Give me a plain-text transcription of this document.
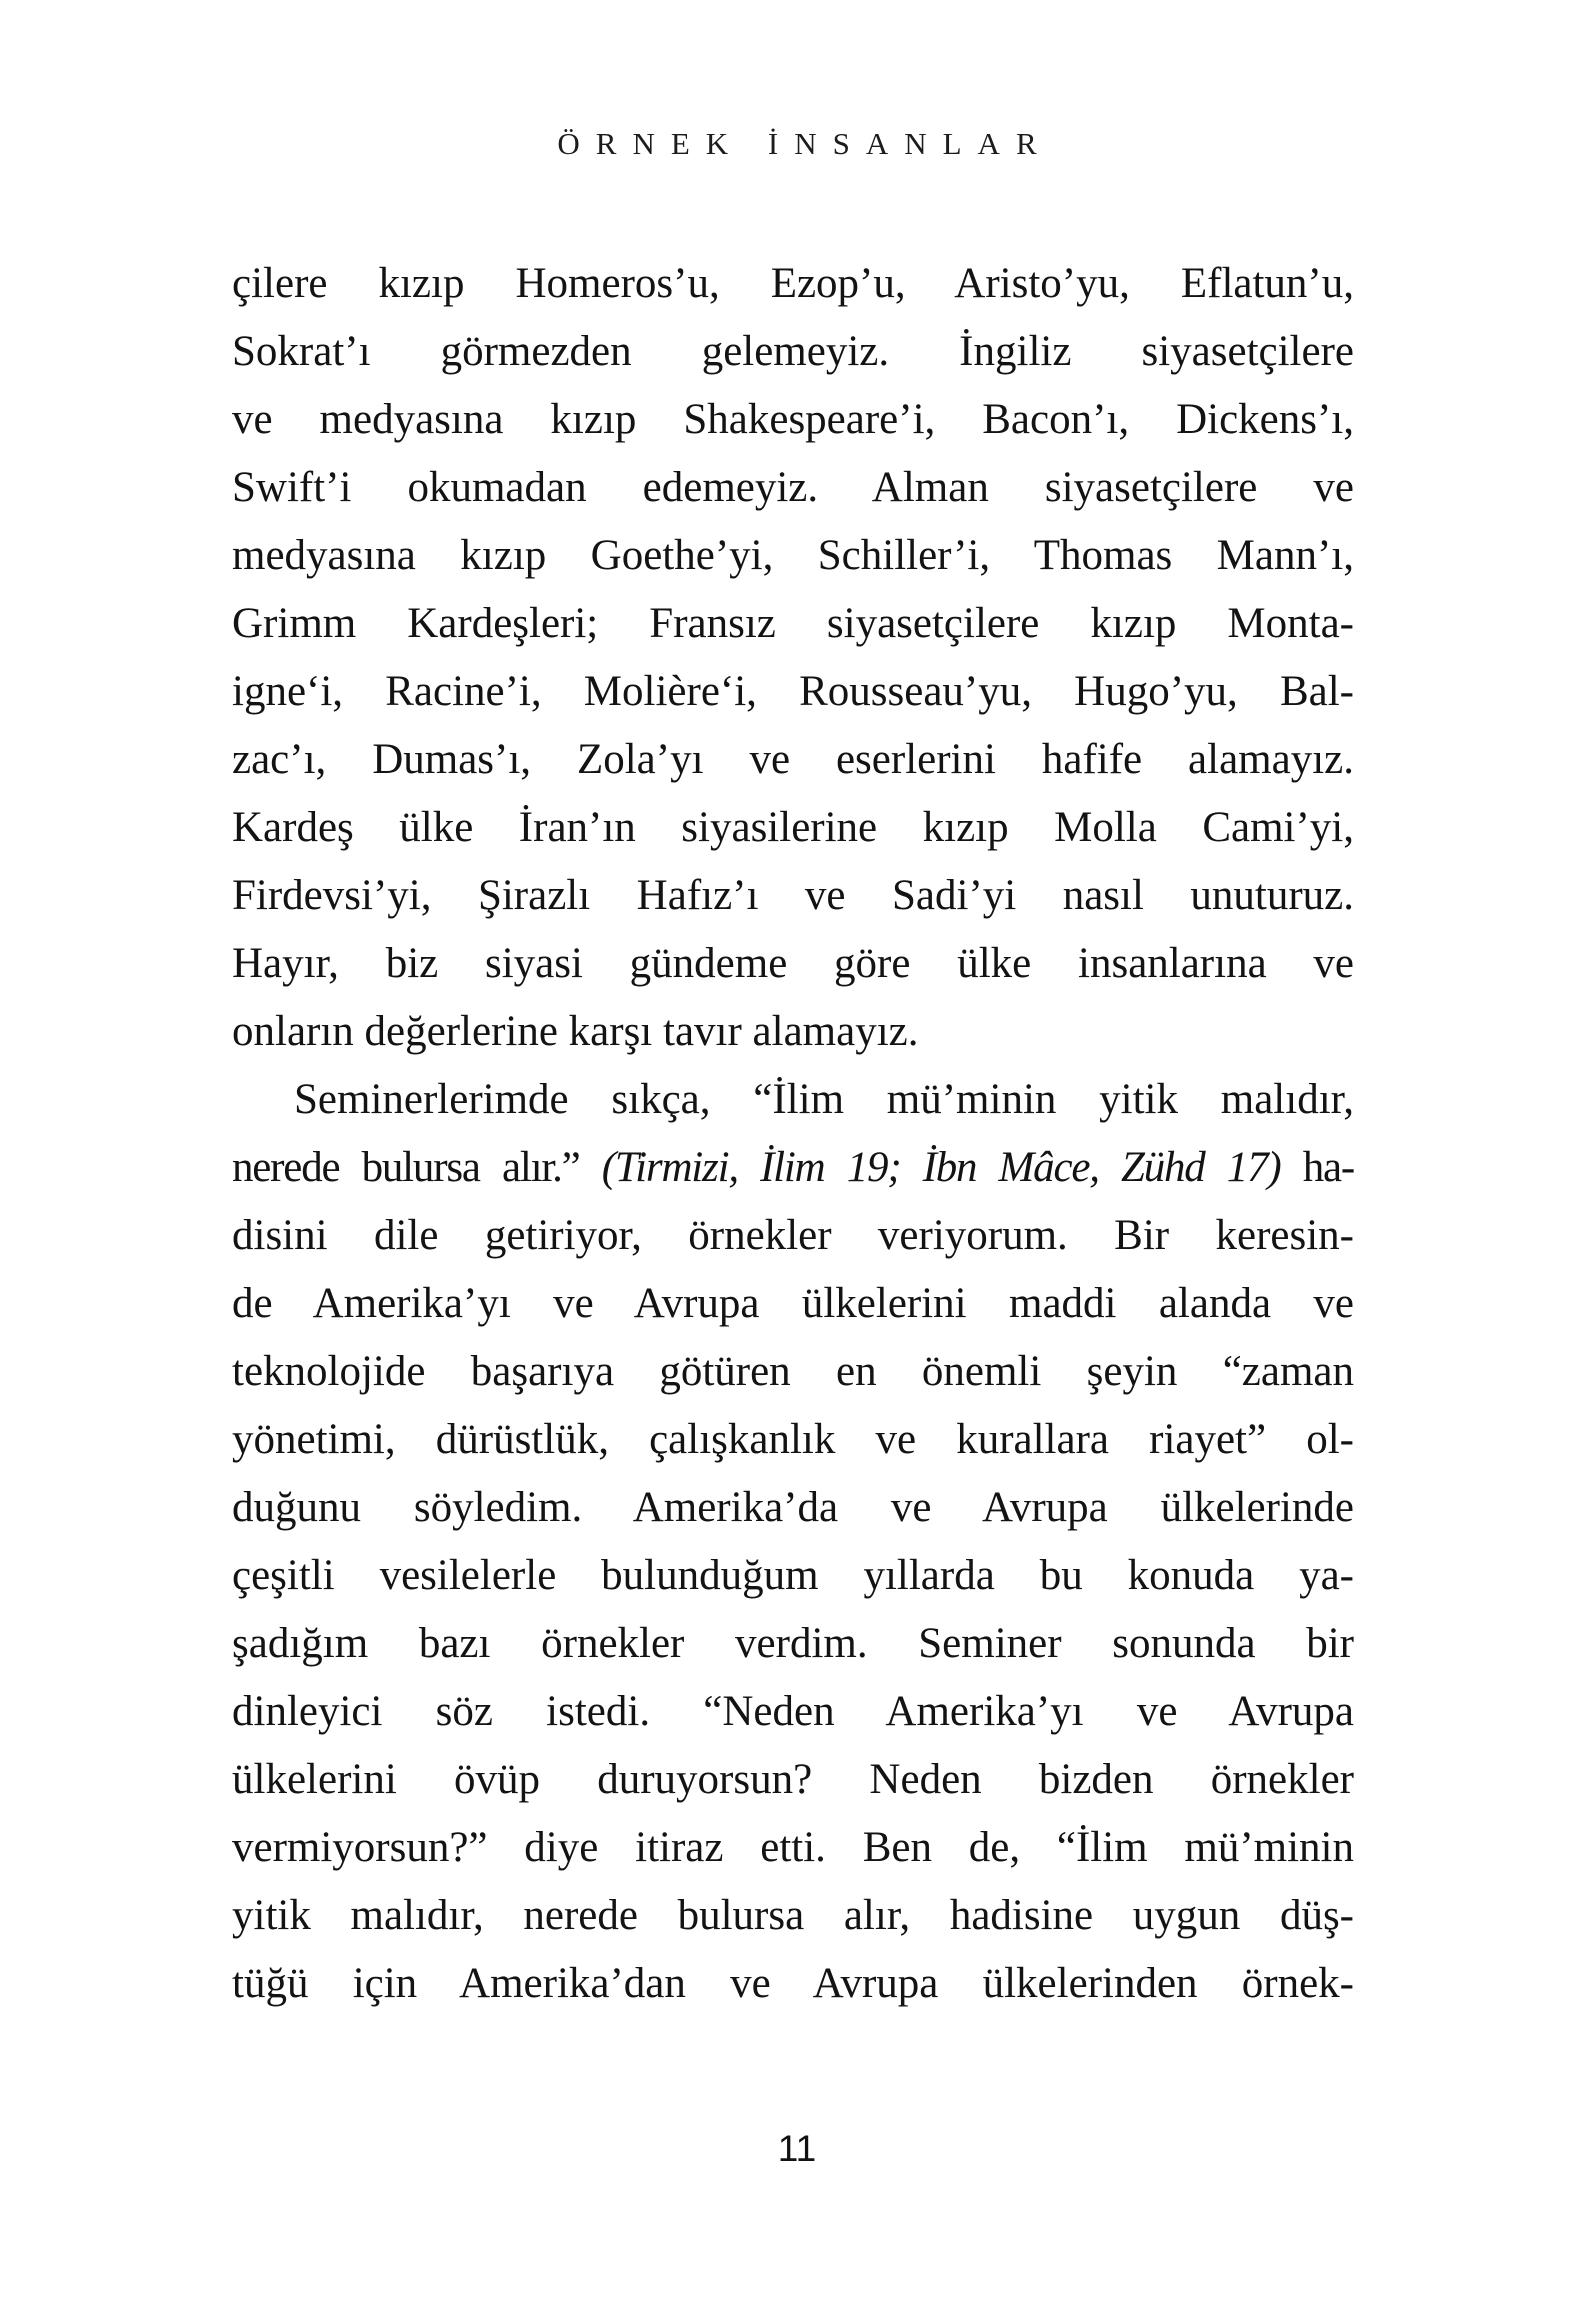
ÖRNEK İNSANLAR
çilere kızıp Homeros’u, Ezop’u, Aristo’yu, Eflatun’u,
Sokrat’ı görmezden gelemeyiz. İngiliz siyasetçilere
ve medyasına kızıp Shakespeare’i, Bacon’ı, Dickens’ı,
Swift’i okumadan edemeyiz. Alman siyasetçilere ve
medyasına kızıp Goethe’yi, Schiller’i, Thomas Mann’ı,
Grimm Kardeşleri; Fransız siyasetçilere kızıp Monta-
igne‘i, Racine’i, Molière‘i, Rousseau’yu, Hugo’yu, Bal-
zac’ı, Dumas’ı, Zola’yı ve eserlerini hafife alamayız.
Kardeş ülke İran’ın siyasilerine kızıp Molla Cami’yi,
Firdevsi’yi, Şirazlı Hafız’ı ve Sadi’yi nasıl unuturuz.
Hayır, biz siyasi gündeme göre ülke insanlarına ve
onların değerlerine karşı tavır alamayız.
Seminerlerimde sıkça, “İlim mü’minin yitik malıdır,
nerede bulursa alır.” (Tirmizi, İlim 19; İbn Mâce, Zühd 17) ha-
disini dile getiriyor, örnekler veriyorum. Bir keresin-
de Amerika’yı ve Avrupa ülkelerini maddi alanda ve
teknolojide başarıya götüren en önemli şeyin “zaman
yönetimi, dürüstlük, çalışkanlık ve kurallara riayet” ol-
duğunu söyledim. Amerika’da ve Avrupa ülkelerinde
çeşitli vesilelerle bulunduğum yıllarda bu konuda ya-
şadığım bazı örnekler verdim. Seminer sonunda bir
dinleyici söz istedi. “Neden Amerika’yı ve Avrupa
ülkelerini övüp duruyorsun? Neden bizden örnekler
vermiyorsun?” diye itiraz etti. Ben de, “İlim mü’minin
yitik malıdır, nerede bulursa alır, hadisine uygun düş-
tüğü için Amerika’dan ve Avrupa ülkelerinden örnek-
11
